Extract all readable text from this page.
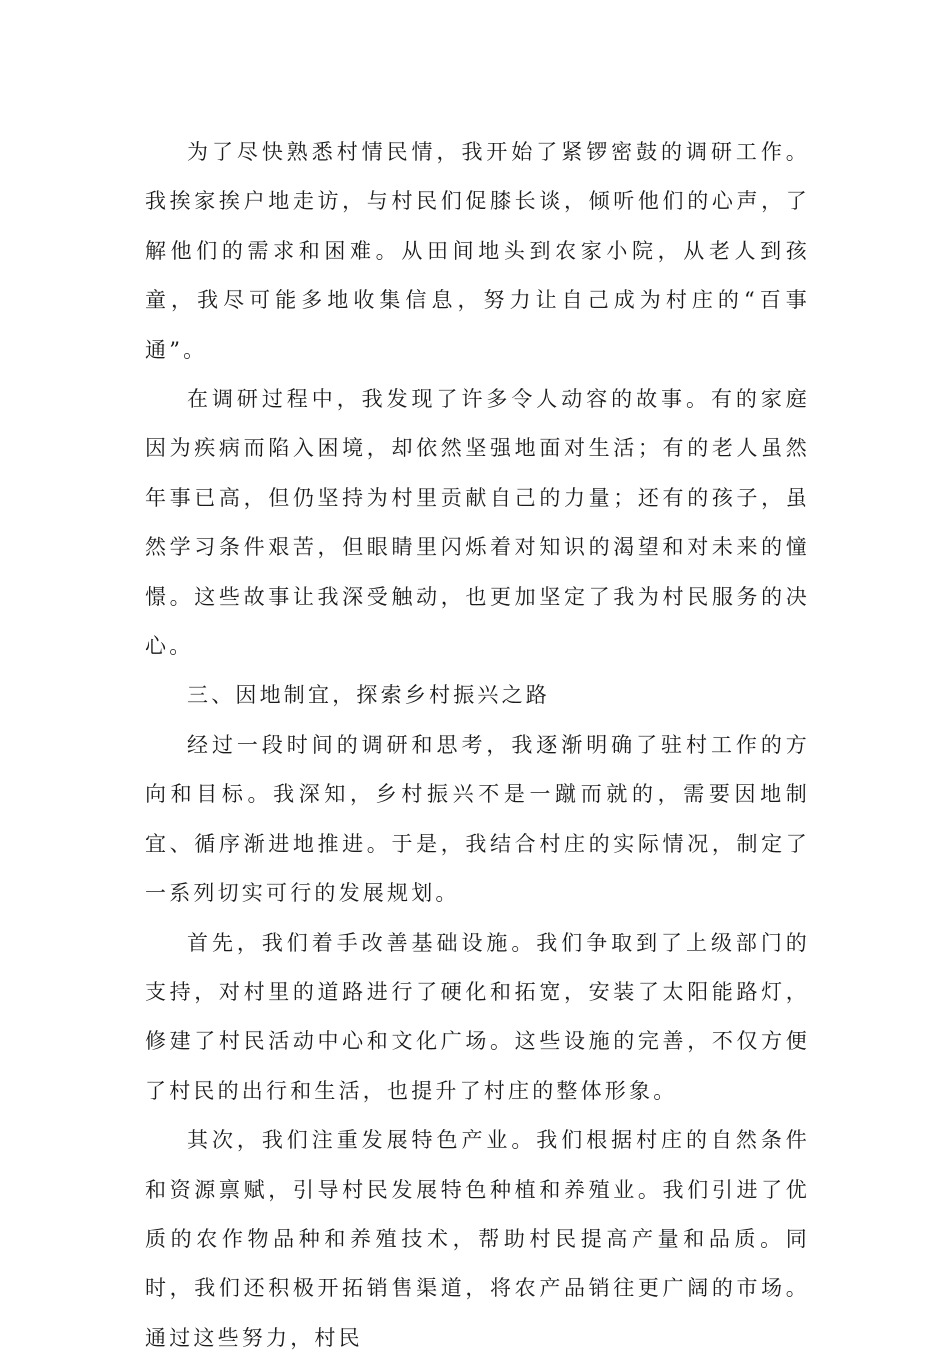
为了尽快熟悉村情民情，我开始了紧锣密鼓的调研工作。我挨家挨户地走访，与村民们促膝长谈，倾听他们的心声，了解他们的需求和困难。从田间地头到农家小院，从老人到孩童，我尽可能多地收集信息，努力让自己成为村庄的“百事通”。

在调研过程中，我发现了许多令人动容的故事。有的家庭因为疾病而陷入困境，却依然坚强地面对生活；有的老人虽然年事已高，但仍坚持为村里贡献自己的力量；还有的孩子，虽然学习条件艰苦，但眼睛里闪烁着对知识的渴望和对未来的憧憬。这些故事让我深受触动，也更加坚定了我为村民服务的决心。

三、因地制宜，探索乡村振兴之路

经过一段时间的调研和思考，我逐渐明确了驻村工作的方向和目标。我深知，乡村振兴不是一蹴而就的，需要因地制宜、循序渐进地推进。于是，我结合村庄的实际情况，制定了一系列切实可行的发展规划。

首先，我们着手改善基础设施。我们争取到了上级部门的支持，对村里的道路进行了硬化和拓宽，安装了太阳能路灯，修建了村民活动中心和文化广场。这些设施的完善，不仅方便了村民的出行和生活，也提升了村庄的整体形象。

其次，我们注重发展特色产业。我们根据村庄的自然条件和资源禀赋，引导村民发展特色种植和养殖业。我们引进了优质的农作物品种和养殖技术，帮助村民提高产量和品质。同时，我们还积极开拓销售渠道，将农产品销往更广阔的市场。通过这些努力，村民
